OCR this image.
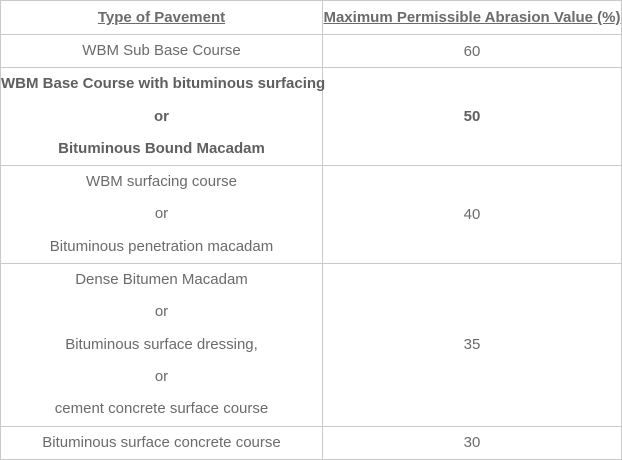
Type of Pavement	Maximum Permissible Abrasion Value (%)

WBM Sub Base Course	60

WBM Base Course with bituminous surfacing
or
Bituminous Bound Macadam	50

WBM surfacing course
or
Bituminous penetration macadam	40

Dense Bitumen Macadam
or
Bituminous surface dressing,
or
cement concrete surface course	35

Bituminous surface concrete course	30
